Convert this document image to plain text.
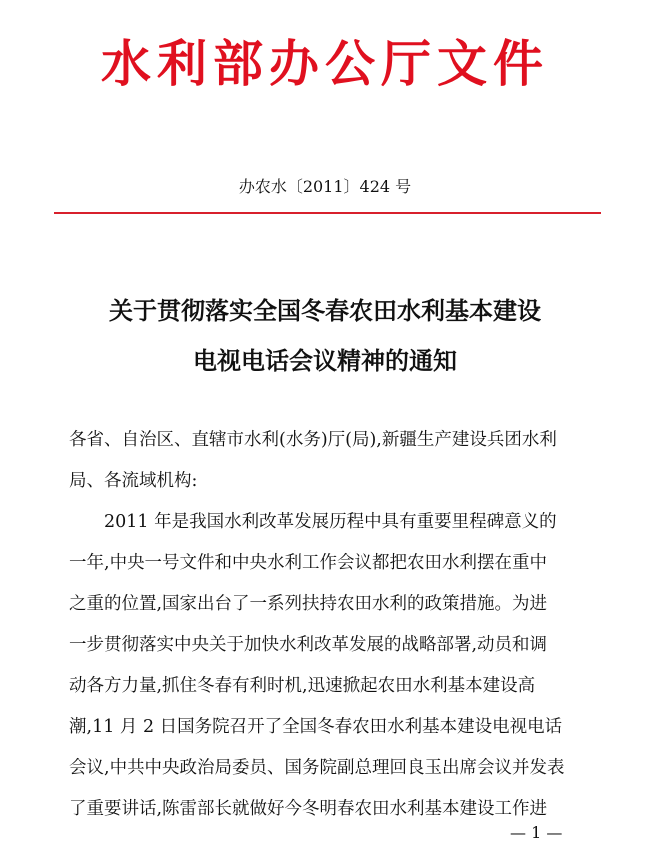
水利部办公厅文件
办农水〔2011〕424 号
关于贯彻落实全国冬春农田水利基本建设
电视电话会议精神的通知

各省、自治区、直辖市水利(水务)厅(局),新疆生产建设兵团水利

局、各流域机构:

　　2011 年是我国水利改革发展历程中具有重要里程碑意义的

一年,中央一号文件和中央水利工作会议都把农田水利摆在重中

之重的位置,国家出台了一系列扶持农田水利的政策措施。为进

一步贯彻落实中央关于加快水利改革发展的战略部署,动员和调

动各方力量,抓住冬春有利时机,迅速掀起农田水利基本建设高

潮,11 月 2 日国务院召开了全国冬春农田水利基本建设电视电话

会议,中共中央政治局委员、国务院副总理回良玉出席会议并发表

了重要讲话,陈雷部长就做好今冬明春农田水利基本建设工作进

— 1 —
